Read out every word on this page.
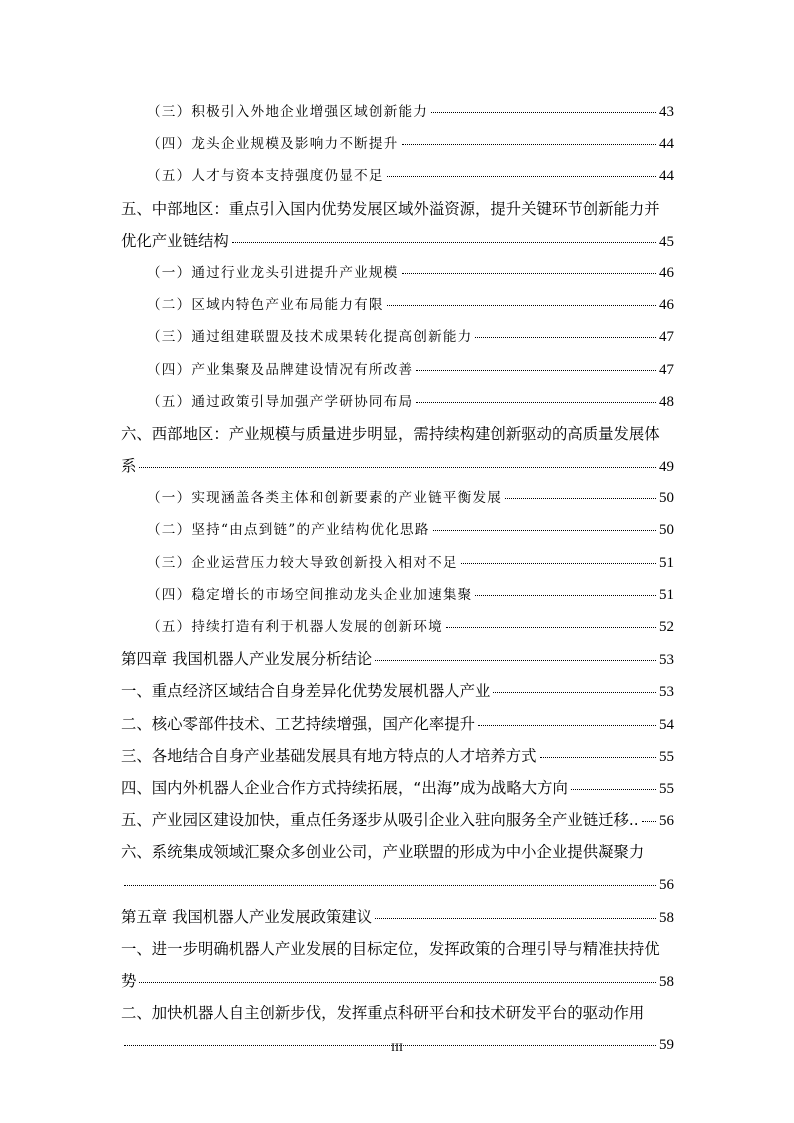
（三）积极引入外地企业增强区域创新能力	43
（四）龙头企业规模及影响力不断提升	44
（五）人才与资本支持强度仍显不足	44
五、中部地区：重点引入国内优势发展区域外溢资源，提升关键环节创新能力并
优化产业链结构	45
（一）通过行业龙头引进提升产业规模	46
（二）区域内特色产业布局能力有限	46
（三）通过组建联盟及技术成果转化提高创新能力	47
（四）产业集聚及品牌建设情况有所改善	47
（五）通过政策引导加强产学研协同布局	48
六、西部地区：产业规模与质量进步明显，需持续构建创新驱动的高质量发展体
系	49
（一）实现涵盖各类主体和创新要素的产业链平衡发展	50
（二）坚持“由点到链”的产业结构优化思路	50
（三）企业运营压力较大导致创新投入相对不足	51
（四）稳定增长的市场空间推动龙头企业加速集聚	51
（五）持续打造有利于机器人发展的创新环境	52
第四章 我国机器人产业发展分析结论	53
一、重点经济区域结合自身差异化优势发展机器人产业	53
二、核心零部件技术、工艺持续增强，国产化率提升	54
三、各地结合自身产业基础发展具有地方特点的人才培养方式	55
四、国内外机器人企业合作方式持续拓展，“出海”成为战略大方向	55
五、产业园区建设加快，重点任务逐步从吸引企业入驻向服务全产业链迁移.. 56
六、系统集成领域汇聚众多创业公司，产业联盟的形成为中小企业提供凝聚力
56
第五章 我国机器人产业发展政策建议	58
一、进一步明确机器人产业发展的目标定位，发挥政策的合理引导与精准扶持优
势	58
二、加快机器人自主创新步伐，发挥重点科研平台和技术研发平台的驱动作用
59
III
